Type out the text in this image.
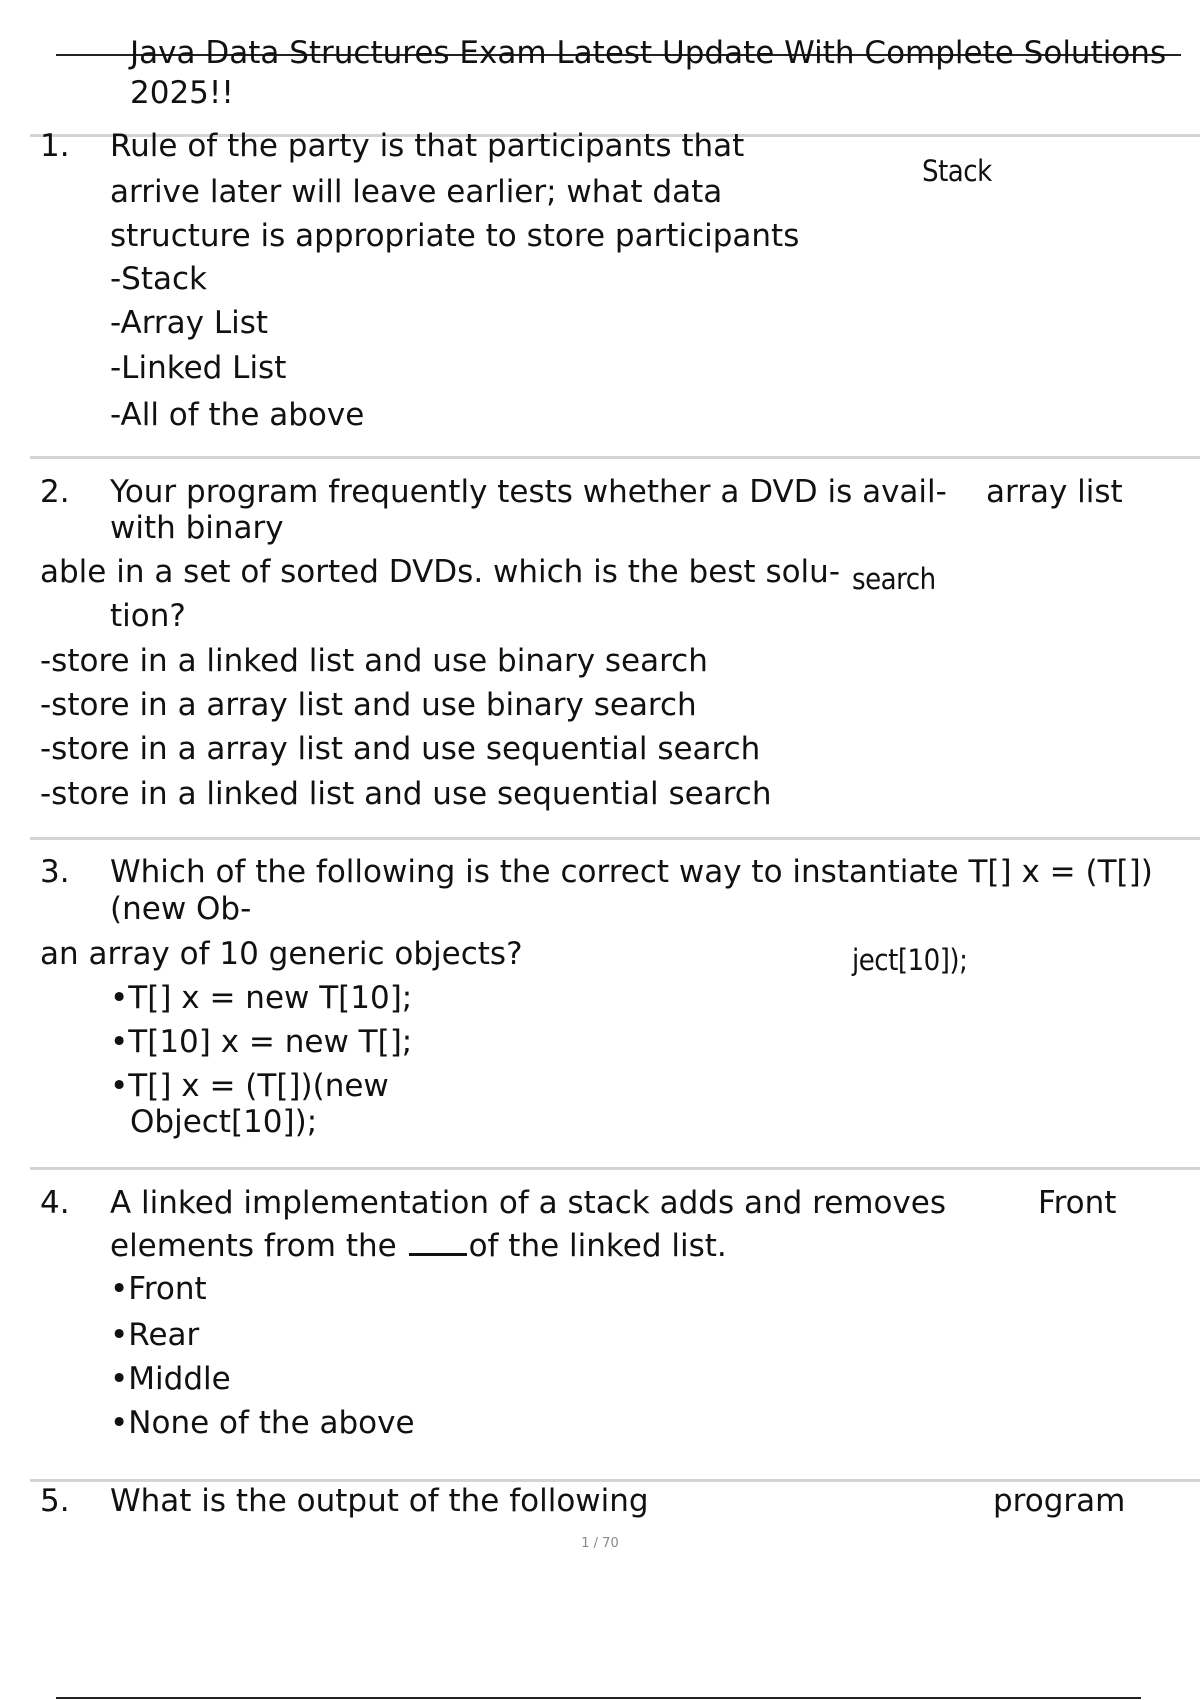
Java Data Structures Exam Latest Update With Complete Solutions
2025!!
1. Rule of the party is that participants that
arrive later will leave earlier; what data
structure is appropriate to store participants
-Stack
-Array List
-Linked List
-All of the above
Stack
2. Your program frequently tests whether a DVD is avail- array list
with binary
able in a set of sorted DVDs. which is the best solu- search
tion?
-store in a linked list and use binary search
-store in a array list and use binary search
-store in a array list and use sequential search
-store in a linked list and use sequential search
3. Which of the following is the correct way to instantiate T[] x = (T[])
(new Ob-
an array of 10 generic objects?	ject[10]);
•T[] x = new T[10];
•T[10] x = new T[];
•T[] x = (T[])(new
Object[10]);
4. A linked implementation of a stack adds and removes	Front
elements from the of the linked list.
•Front
•Rear
•Middle
•None of the above
5. What is the output of the following	program
1 / 70
